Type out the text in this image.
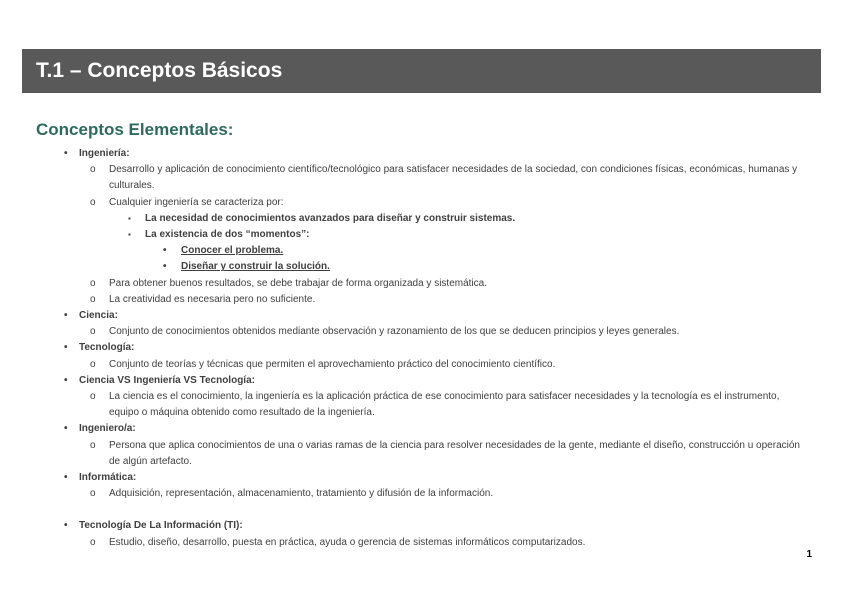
T.1 – Conceptos Básicos
Conceptos Elementales:
• Ingeniería:
o Desarrollo y aplicación de conocimiento científico/tecnológico para satisfacer necesidades de la sociedad, con condiciones físicas, económicas, humanas y culturales.
o Cualquier ingeniería se caracteriza por:
▪ La necesidad de conocimientos avanzados para diseñar y construir sistemas.
▪ La existencia de dos “momentos”:
• Conocer el problema.
• Diseñar y construir la solución.
o Para obtener buenos resultados, se debe trabajar de forma organizada y sistemática.
o La creatividad es necesaria pero no suficiente.
• Ciencia:
o Conjunto de conocimientos obtenidos mediante observación y razonamiento de los que se deducen principios y leyes generales.
• Tecnología:
o Conjunto de teorías y técnicas que permiten el aprovechamiento práctico del conocimiento científico.
• Ciencia VS Ingeniería VS Tecnología:
o La ciencia es el conocimiento, la ingeniería es la aplicación práctica de ese conocimiento para satisfacer necesidades y la tecnología es el instrumento, equipo o máquina obtenido como resultado de la ingeniería.
• Ingeniero/a:
o Persona que aplica conocimientos de una o varias ramas de la ciencia para resolver necesidades de la gente, mediante el diseño, construcción u operación de algún artefacto.
• Informática:
o Adquisición, representación, almacenamiento, tratamiento y difusión de la información.
• Tecnología De La Información (TI):
o Estudio, diseño, desarrollo, puesta en práctica, ayuda o gerencia de sistemas informáticos computarizados.
1
